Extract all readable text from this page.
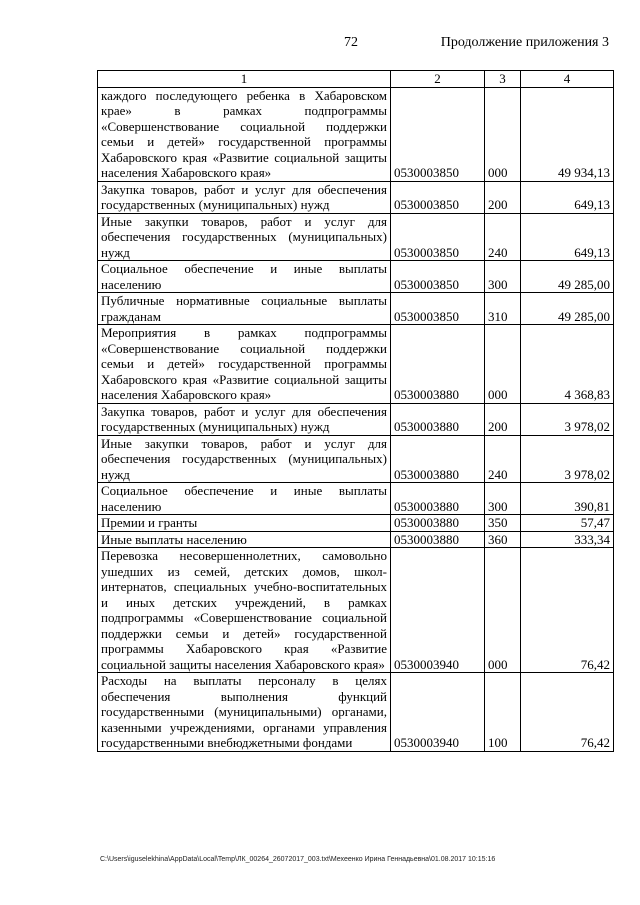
72	Продолжение приложения 3
1	2	3	4
каждого последующего ребенка в Хабаровском крае» в рамках подпрограммы «Совершенствование социальной поддержки семьи и детей» государственной программы Хабаровского края «Развитие социальной защиты населения Хабаровского края»	0530003850	000	49 934,13
Закупка товаров, работ и услуг для обеспечения государственных (муниципальных) нужд	0530003850	200	649,13
Иные закупки товаров, работ и услуг для обеспечения государственных (муниципальных) нужд	0530003850	240	649,13
Социальное обеспечение и иные выплаты населению	0530003850	300	49 285,00
Публичные нормативные социальные выплаты гражданам	0530003850	310	49 285,00
Мероприятия в рамках подпрограммы «Совершенствование социальной поддержки семьи и детей» государственной программы Хабаровского края «Развитие социальной защиты населения Хабаровского края»	0530003880	000	4 368,83
Закупка товаров, работ и услуг для обеспечения государственных (муниципальных) нужд	0530003880	200	3 978,02
Иные закупки товаров, работ и услуг для обеспечения государственных (муниципальных) нужд	0530003880	240	3 978,02
Социальное обеспечение и иные выплаты населению	0530003880	300	390,81
Премии и гранты	0530003880	350	57,47
Иные выплаты населению	0530003880	360	333,34
Перевозка несовершеннолетних, самовольно ушедших из семей, детских домов, школ-интернатов, специальных учебно-воспитательных и иных детских учреждений, в рамках подпрограммы «Совершенствование социальной поддержки семьи и детей» государственной программы Хабаровского края «Развитие социальной защиты населения Хабаровского края»	0530003940	000	76,42
Расходы на выплаты персоналу в целях обеспечения выполнения функций государственными (муниципальными) органами, казенными учреждениями, органами управления государственными внебюджетными фондами	0530003940	100	76,42
C:\Users\iguselekhina\AppData\Local\Temp\ЛК_00264_26072017_003.txt\Мехеенко Ирина Геннадьевна\01.08.2017 10:15:16
